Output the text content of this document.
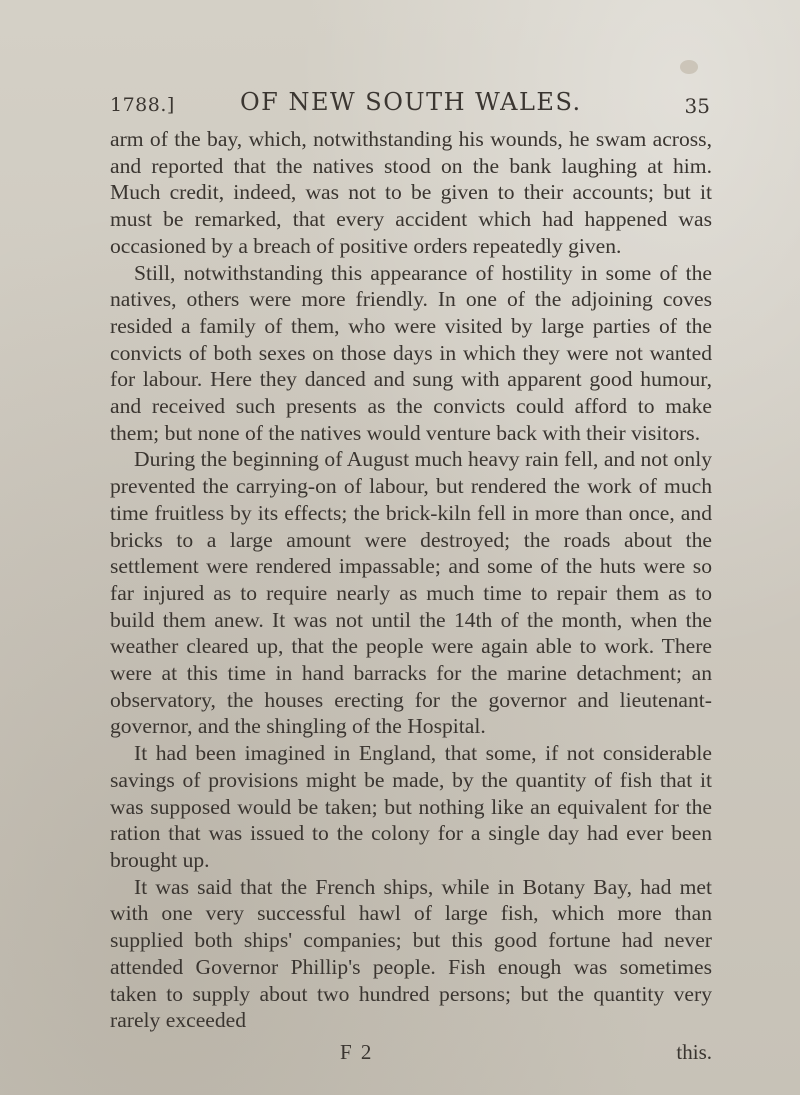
1788.]	OF NEW SOUTH WALES.	35

arm of the bay, which, notwithstanding his wounds, he swam across, and reported that the natives stood on the bank laughing at him. Much credit, indeed, was not to be given to their accounts; but it must be remarked, that every accident which had happened was occasioned by a breach of positive orders repeatedly given.

Still, notwithstanding this appearance of hostility in some of the natives, others were more friendly. In one of the adjoining coves resided a family of them, who were visited by large parties of the convicts of both sexes on those days in which they were not wanted for labour. Here they danced and sung with apparent good humour, and received such presents as the convicts could afford to make them; but none of the natives would venture back with their visitors.

During the beginning of August much heavy rain fell, and not only prevented the carrying-on of labour, but rendered the work of much time fruitless by its effects; the brick-kiln fell in more than once, and bricks to a large amount were destroyed; the roads about the settlement were rendered impassable; and some of the huts were so far injured as to require nearly as much time to repair them as to build them anew. It was not until the 14th of the month, when the weather cleared up, that the people were again able to work. There were at this time in hand barracks for the marine detachment; an observatory, the houses erecting for the governor and lieutenant-governor, and the shingling of the Hospital.

It had been imagined in England, that some, if not considerable savings of provisions might be made, by the quantity of fish that it was supposed would be taken; but nothing like an equivalent for the ration that was issued to the colony for a single day had ever been brought up.

It was said that the French ships, while in Botany Bay, had met with one very successful hawl of large fish, which more than supplied both ships' companies; but this good fortune had never attended Governor Phillip's people. Fish enough was sometimes taken to supply about two hundred persons; but the quantity very rarely exceeded

F 2	this.
